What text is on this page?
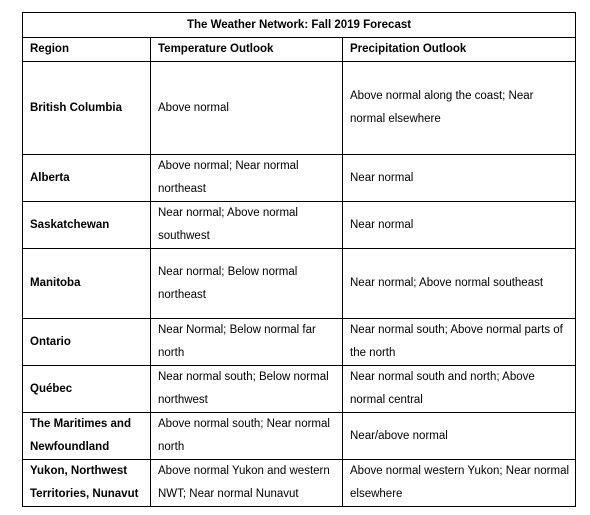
The Weather Network: Fall 2019 Forecast		
Region	Temperature Outlook	Precipitation Outlook
British Columbia	Above normal	Above normal along the coast; Near normal elsewhere
Alberta	Above normal; Near normal northeast	Near normal
Saskatchewan	Near normal; Above normal southwest	Near normal
Manitoba	Near normal; Below normal northeast	Near normal; Above normal southeast
Ontario	Near Normal; Below normal far north	Near normal south; Above normal parts of the north
Québec	Near normal south; Below normal northwest	Near normal south and north; Above normal central
The Maritimes and Newfoundland	Above normal south; Near normal north	Near/above normal
Yukon, Northwest Territories, Nunavut	Above normal Yukon and western NWT; Near normal Nunavut	Above normal western Yukon; Near normal elsewhere
